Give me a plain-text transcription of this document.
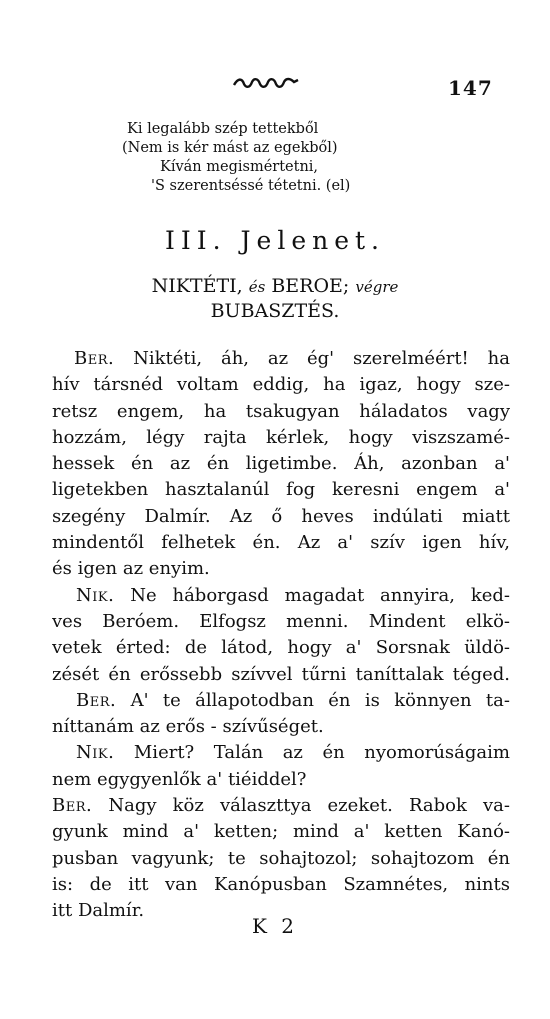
147
Ki legalább szép tettekből
(Nem is kér mást az egekből)
Kíván megismértetni,
'S szerentséssé tétetni. (el)
III. Jelenet.
NIKTÉTI, és BEROE; végre
BUBASZTÉS.
Ber. Niktéti, áh, az ég' szerelméért! ha
hív társnéd voltam eddig, ha igaz, hogy sze-
retsz engem, ha tsakugyan háladatos vagy
hozzám, légy rajta kérlek, hogy viszszamé-
hessek én az én ligetimbe. Áh, azonban a'
ligetekben hasztalanúl fog keresni engem a'
szegény Dalmír. Az ő heves indúlati miatt
mindentől felhetek én. Az a' szív igen hív,
és igen az enyim.
Nik. Ne háborgasd magadat annyira, ked-
ves Beróem. Elfogsz menni. Mindent elkö-
vetek érted: de látod, hogy a' Sorsnak üldö-
zését én erőssebb szívvel tűrni taníttalak téged.
Ber. A' te állapotodban én is könnyen ta-
níttanám az erős - szívűséget.
Nik. Miert? Talán az én nyomorúságaim
nem egygyenlők a' tiéiddel?
Ber. Nagy köz választtya ezeket. Rabok va-
gyunk mind a' ketten; mind a' ketten Kanó-
pusban vagyunk; te sohajtozol; sohajtozom én
is: de itt van Kanópusban Szamnétes, nints
itt Dalmír.
K 2
